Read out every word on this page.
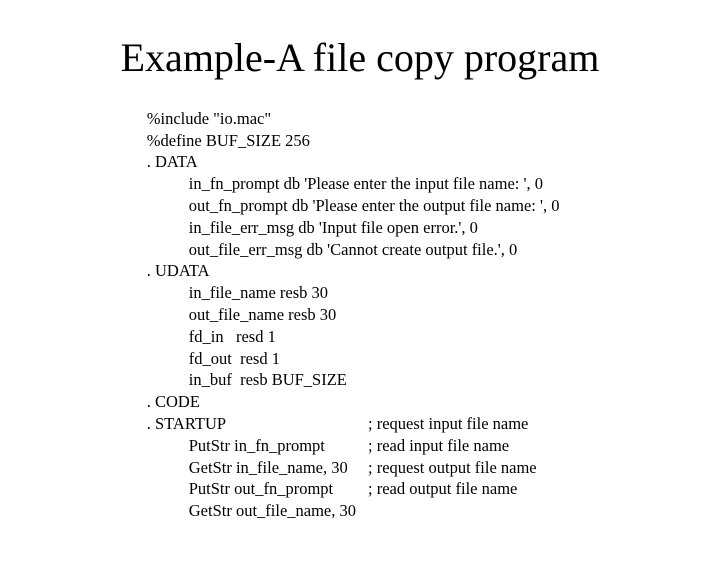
Example-A file copy program

%include "io.mac"

%define BUF_SIZE 256

. DATA

in_fn_prompt db 'Please enter the input file name: ', 0

out_fn_prompt db 'Please enter the output file name: ', 0

in_file_err_msg db 'Input file open error.', 0

out_file_err_msg db 'Cannot create output file.', 0

. UDATA

in_file_name resb 30

out_file_name resb 30

fd_in   resd 1

fd_out  resd 1

in_buf  resb BUF_SIZE

. CODE

. STARTUP

PutStr in_fn_prompt

; request input file name

GetStr in_file_name, 30

; read input file name

PutStr out_fn_prompt

; request output file name

GetStr out_file_name, 30

; read output file name
